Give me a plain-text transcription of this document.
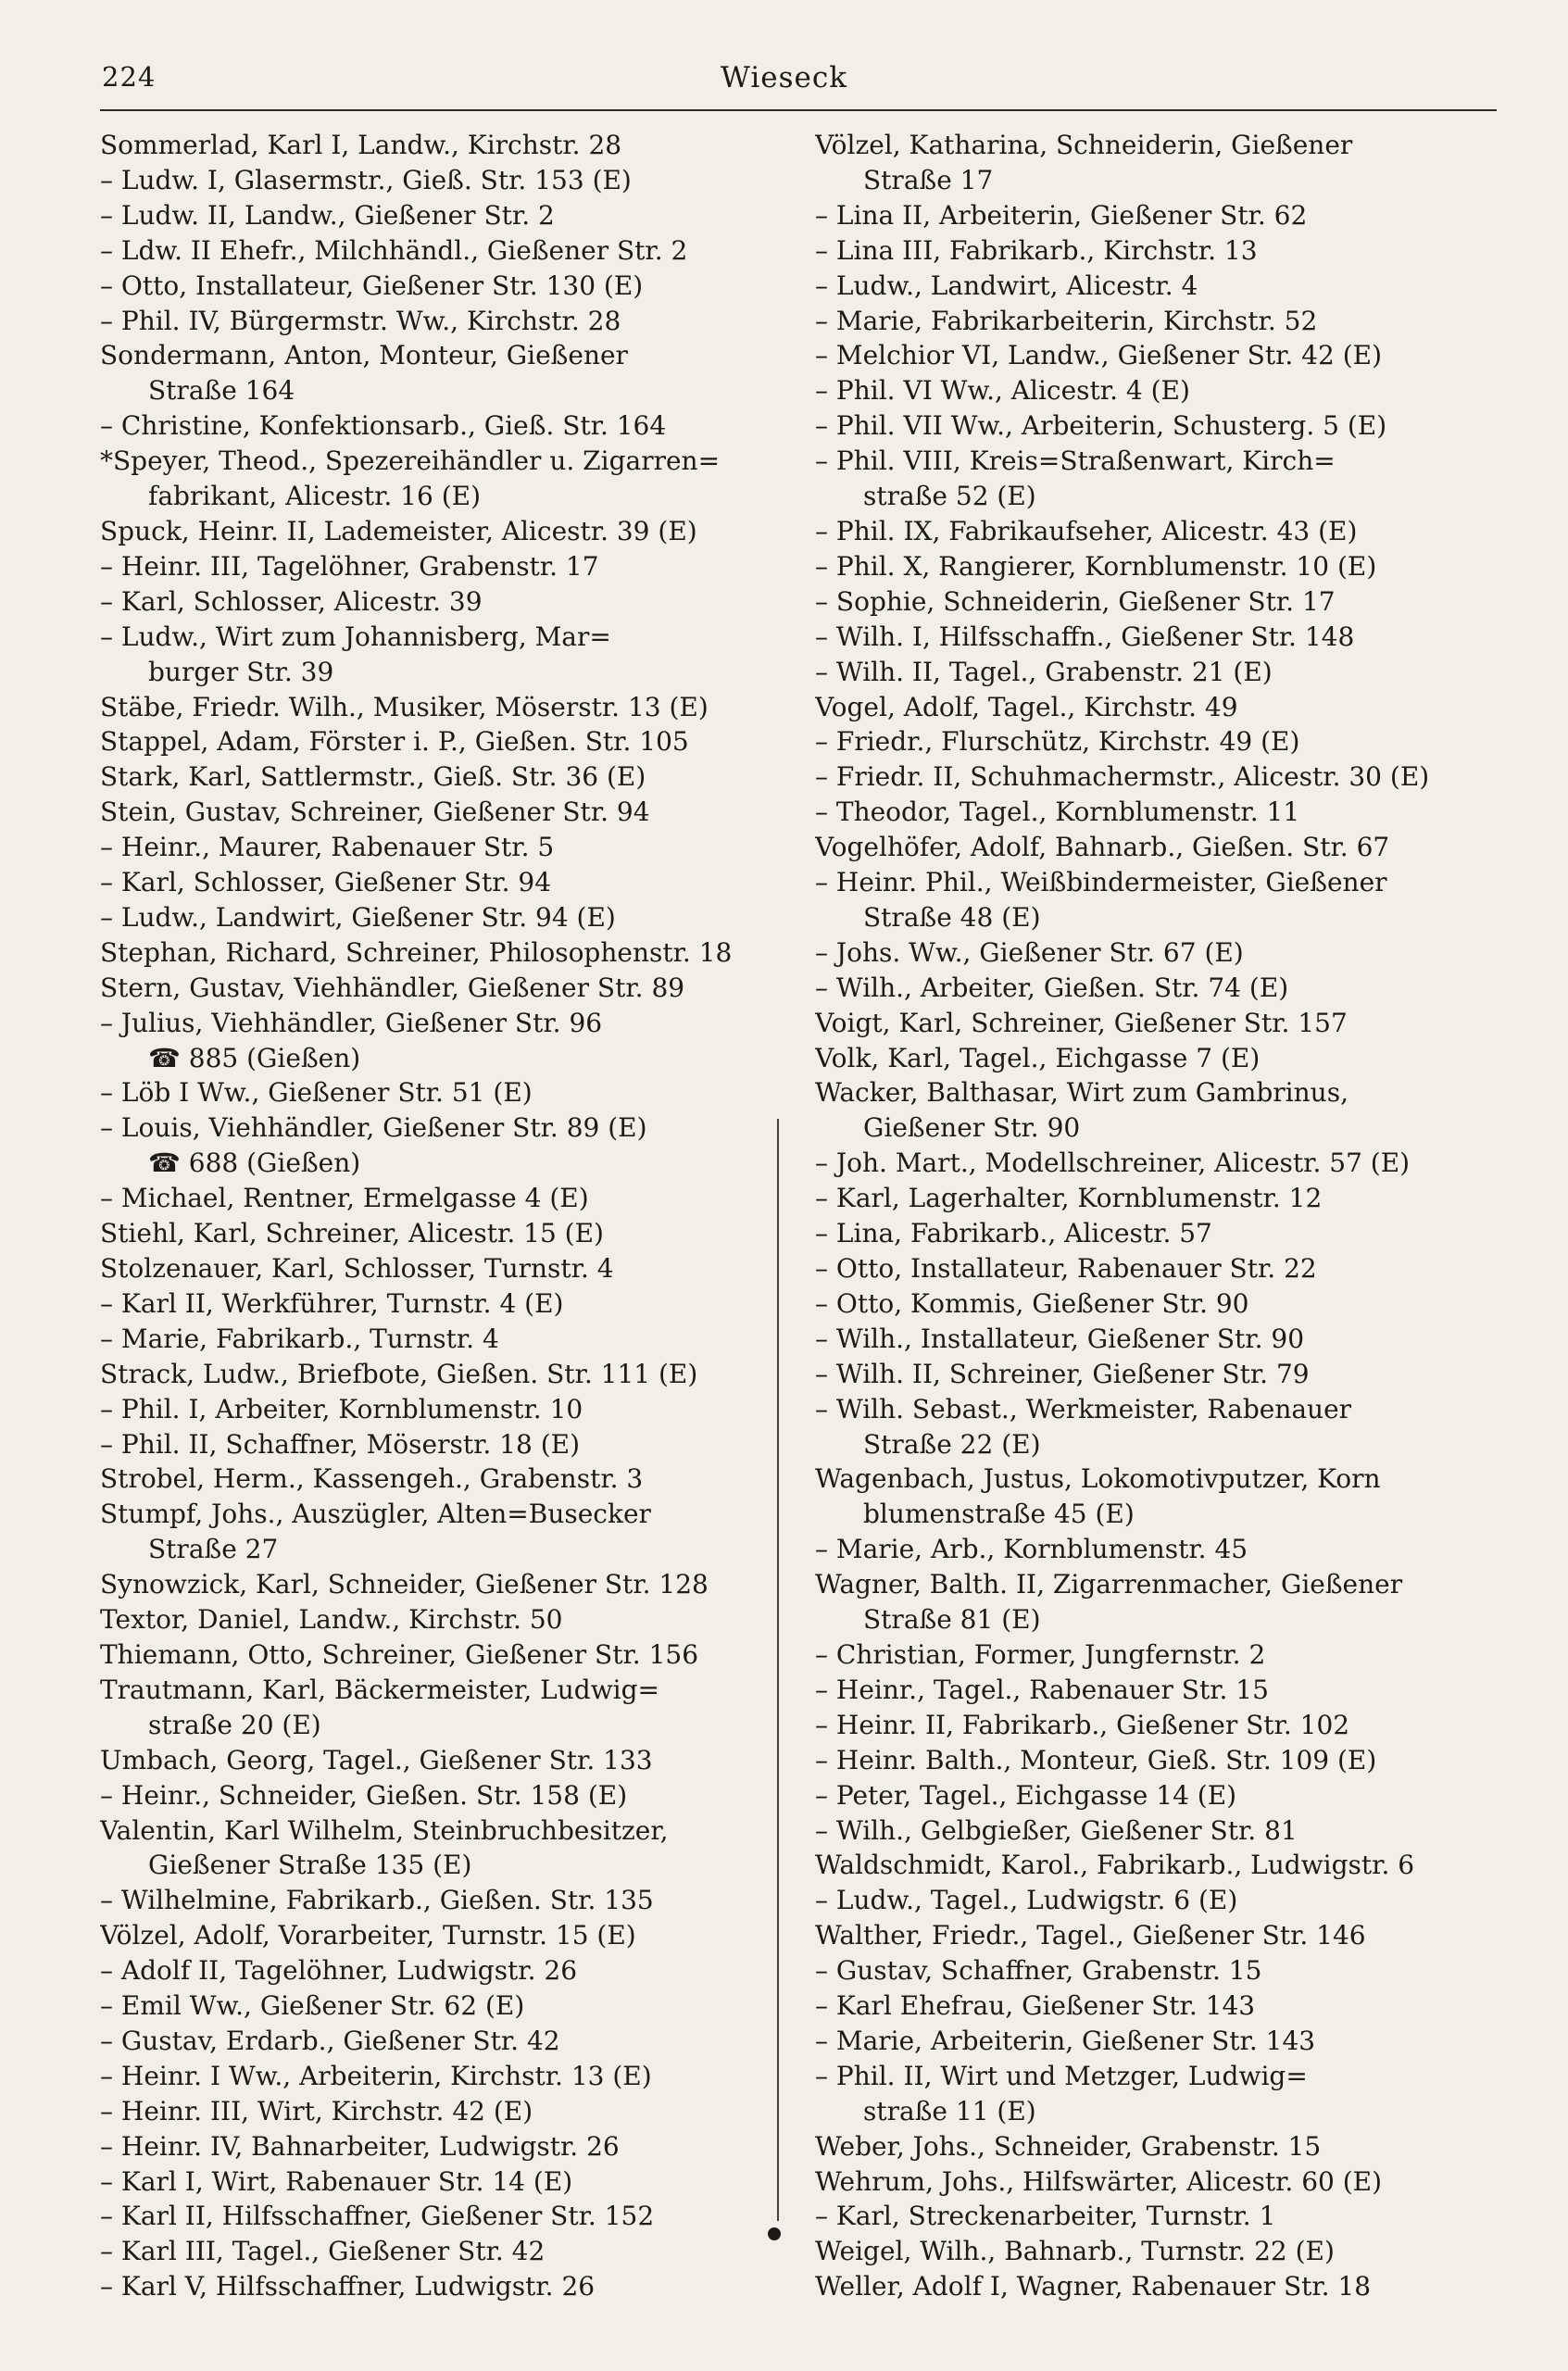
224	Wieseck
Sommerlad, Karl I, Landw., Kirchstr. 28
– Ludw. I, Glasermstr., Gieß. Str. 153 (E)
– Ludw. II, Landw., Gießener Str. 2
– Ldw. II Ehefr., Milchhändl., Gießener Str. 2
– Otto, Installateur, Gießener Str. 130 (E)
– Phil. IV, Bürgermstr. Ww., Kirchstr. 28
Sondermann, Anton, Monteur, Gießener
Straße 164
– Christine, Konfektionsarb., Gieß. Str. 164
*Speyer, Theod., Spezereihändler u. Zigarren=
fabrikant, Alicestr. 16 (E)
Spuck, Heinr. II, Lademeister, Alicestr. 39 (E)
– Heinr. III, Tagelöhner, Grabenstr. 17
– Karl, Schlosser, Alicestr. 39
– Ludw., Wirt zum Johannisberg, Mar=
burger Str. 39
Stäbe, Friedr. Wilh., Musiker, Möserstr. 13 (E)
Stappel, Adam, Förster i. P., Gießen. Str. 105
Stark, Karl, Sattlermstr., Gieß. Str. 36 (E)
Stein, Gustav, Schreiner, Gießener Str. 94
– Heinr., Maurer, Rabenauer Str. 5
– Karl, Schlosser, Gießener Str. 94
– Ludw., Landwirt, Gießener Str. 94 (E)
Stephan, Richard, Schreiner, Philosophenstr. 18
Stern, Gustav, Viehhändler, Gießener Str. 89
– Julius, Viehhändler, Gießener Str. 96
☎ 885 (Gießen)
– Löb I Ww., Gießener Str. 51 (E)
– Louis, Viehhändler, Gießener Str. 89 (E)
☎ 688 (Gießen)
– Michael, Rentner, Ermelgasse 4 (E)
Stiehl, Karl, Schreiner, Alicestr. 15 (E)
Stolzenauer, Karl, Schlosser, Turnstr. 4
– Karl II, Werkführer, Turnstr. 4 (E)
– Marie, Fabrikarb., Turnstr. 4
Strack, Ludw., Briefbote, Gießen. Str. 111 (E)
– Phil. I, Arbeiter, Kornblumenstr. 10
– Phil. II, Schaffner, Möserstr. 18 (E)
Strobel, Herm., Kassengeh., Grabenstr. 3
Stumpf, Johs., Auszügler, Alten=Busecker
Straße 27
Synowzick, Karl, Schneider, Gießener Str. 128
Textor, Daniel, Landw., Kirchstr. 50
Thiemann, Otto, Schreiner, Gießener Str. 156
Trautmann, Karl, Bäckermeister, Ludwig=
straße 20 (E)
Umbach, Georg, Tagel., Gießener Str. 133
– Heinr., Schneider, Gießen. Str. 158 (E)
Valentin, Karl Wilhelm, Steinbruchbesitzer,
Gießener Straße 135 (E)
– Wilhelmine, Fabrikarb., Gießen. Str. 135
Völzel, Adolf, Vorarbeiter, Turnstr. 15 (E)
– Adolf II, Tagelöhner, Ludwigstr. 26
– Emil Ww., Gießener Str. 62 (E)
– Gustav, Erdarb., Gießener Str. 42
– Heinr. I Ww., Arbeiterin, Kirchstr. 13 (E)
– Heinr. III, Wirt, Kirchstr. 42 (E)
– Heinr. IV, Bahnarbeiter, Ludwigstr. 26
– Karl I, Wirt, Rabenauer Str. 14 (E)
– Karl II, Hilfsschaffner, Gießener Str. 152
– Karl III, Tagel., Gießener Str. 42
– Karl V, Hilfsschaffner, Ludwigstr. 26
Völzel, Katharina, Schneiderin, Gießener
Straße 17
– Lina II, Arbeiterin, Gießener Str. 62
– Lina III, Fabrikarb., Kirchstr. 13
– Ludw., Landwirt, Alicestr. 4
– Marie, Fabrikarbeiterin, Kirchstr. 52
– Melchior VI, Landw., Gießener Str. 42 (E)
– Phil. VI Ww., Alicestr. 4 (E)
– Phil. VII Ww., Arbeiterin, Schusterg. 5 (E)
– Phil. VIII, Kreis=Straßenwart, Kirch=
straße 52 (E)
– Phil. IX, Fabrikaufseher, Alicestr. 43 (E)
– Phil. X, Rangierer, Kornblumenstr. 10 (E)
– Sophie, Schneiderin, Gießener Str. 17
– Wilh. I, Hilfsschaffn., Gießener Str. 148
– Wilh. II, Tagel., Grabenstr. 21 (E)
Vogel, Adolf, Tagel., Kirchstr. 49
– Friedr., Flurschütz, Kirchstr. 49 (E)
– Friedr. II, Schuhmachermstr., Alicestr. 30 (E)
– Theodor, Tagel., Kornblumenstr. 11
Vogelhöfer, Adolf, Bahnarb., Gießen. Str. 67
– Heinr. Phil., Weißbindermeister, Gießener
Straße 48 (E)
– Johs. Ww., Gießener Str. 67 (E)
– Wilh., Arbeiter, Gießen. Str. 74 (E)
Voigt, Karl, Schreiner, Gießener Str. 157
Volk, Karl, Tagel., Eichgasse 7 (E)
Wacker, Balthasar, Wirt zum Gambrinus,
Gießener Str. 90
– Joh. Mart., Modellschreiner, Alicestr. 57 (E)
– Karl, Lagerhalter, Kornblumenstr. 12
– Lina, Fabrikarb., Alicestr. 57
– Otto, Installateur, Rabenauer Str. 22
– Otto, Kommis, Gießener Str. 90
– Wilh., Installateur, Gießener Str. 90
– Wilh. II, Schreiner, Gießener Str. 79
– Wilh. Sebast., Werkmeister, Rabenauer
Straße 22 (E)
Wagenbach, Justus, Lokomotivputzer, Korn
blumenstraße 45 (E)
– Marie, Arb., Kornblumenstr. 45
Wagner, Balth. II, Zigarrenmacher, Gießener
Straße 81 (E)
– Christian, Former, Jungfernstr. 2
– Heinr., Tagel., Rabenauer Str. 15
– Heinr. II, Fabrikarb., Gießener Str. 102
– Heinr. Balth., Monteur, Gieß. Str. 109 (E)
– Peter, Tagel., Eichgasse 14 (E)
– Wilh., Gelbgießer, Gießener Str. 81
Waldschmidt, Karol., Fabrikarb., Ludwigstr. 6
– Ludw., Tagel., Ludwigstr. 6 (E)
Walther, Friedr., Tagel., Gießener Str. 146
– Gustav, Schaffner, Grabenstr. 15
– Karl Ehefrau, Gießener Str. 143
– Marie, Arbeiterin, Gießener Str. 143
– Phil. II, Wirt und Metzger, Ludwig=
straße 11 (E)
Weber, Johs., Schneider, Grabenstr. 15
Wehrum, Johs., Hilfswärter, Alicestr. 60 (E)
– Karl, Streckenarbeiter, Turnstr. 1
Weigel, Wilh., Bahnarb., Turnstr. 22 (E)
Weller, Adolf I, Wagner, Rabenauer Str. 18
